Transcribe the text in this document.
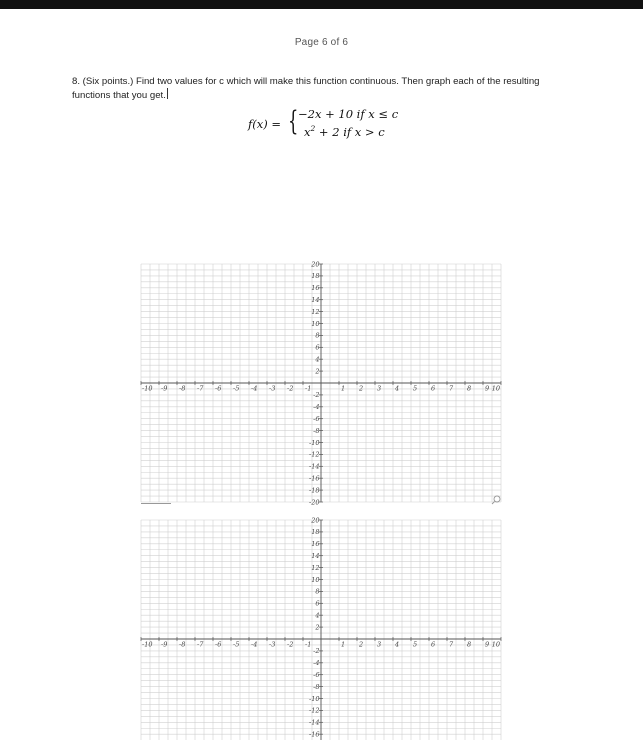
Page 6 of 6
8. (Six points.) Find two values for c which will make this function continuous. Then graph each of the resulting functions that you get.
f(x) = { −2x + 10 if x ≤ c
$x^2 + 2$ if x > c
-10 -9 -8 -7 -6 -5 -4 -3 -2 -1	1 2 3 4 5 6 7 8 9 10
20
18
16
14
12
10
8
6
4
2
-2
-4
-6
-8
-10
-12
-14
-16
-18
-20
-10 -9 -8 -7 -6 -5 -4 -3 -2 -1	1 2 3 4 5 6 7 8 9 10
20
18
16
14
12
10
8
6
4
2
-2
-4
-6
-8
-10
-12
-14
-16
